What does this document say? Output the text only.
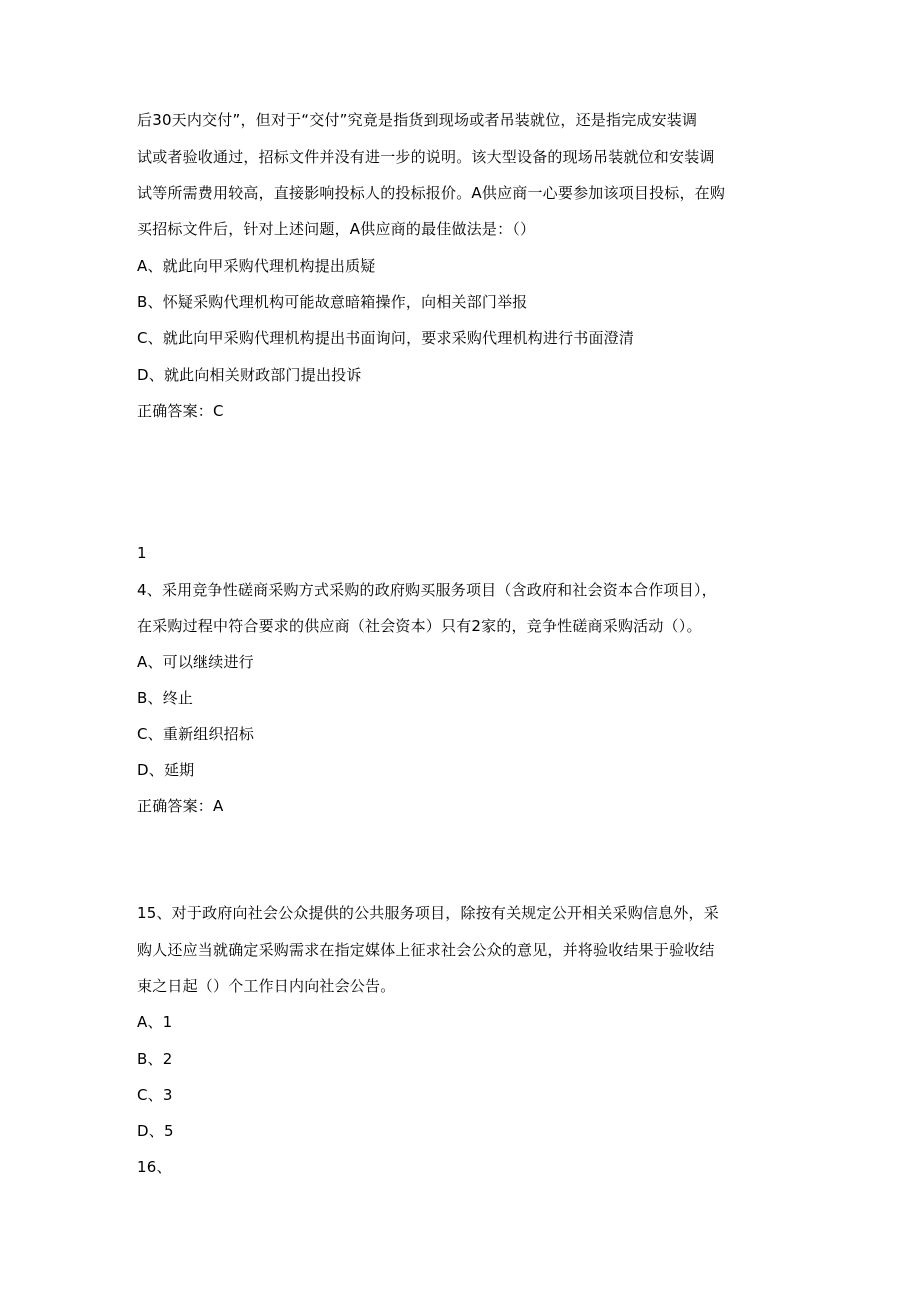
后30天内交付”，但对于“交付”究竟是指货到现场或者吊装就位，还是指完成安装调
试或者验收通过，招标文件并没有进一步的说明。该大型设备的现场吊装就位和安装调
试等所需费用较高，直接影响投标人的投标报价。A供应商一心要参加该项目投标，在购
买招标文件后，针对上述问题，A供应商的最佳做法是：（）
A、就此向甲采购代理机构提出质疑
B、怀疑采购代理机构可能故意暗箱操作，向相关部门举报
C、就此向甲采购代理机构提出书面询问，要求采购代理机构进行书面澄清
D、就此向相关财政部门提出投诉
正确答案：C
1
4、采用竞争性磋商采购方式采购的政府购买服务项目（含政府和社会资本合作项目），
在采购过程中符合要求的供应商（社会资本）只有2家的，竞争性磋商采购活动（）。
A、可以继续进行
B、终止
C、重新组织招标
D、延期
正确答案：A
15、对于政府向社会公众提供的公共服务项目，除按有关规定公开相关采购信息外，采
购人还应当就确定采购需求在指定媒体上征求社会公众的意见，并将验收结果于验收结
束之日起（）个工作日内向社会公告。
A、1
B、2
C、3
D、5
16、
